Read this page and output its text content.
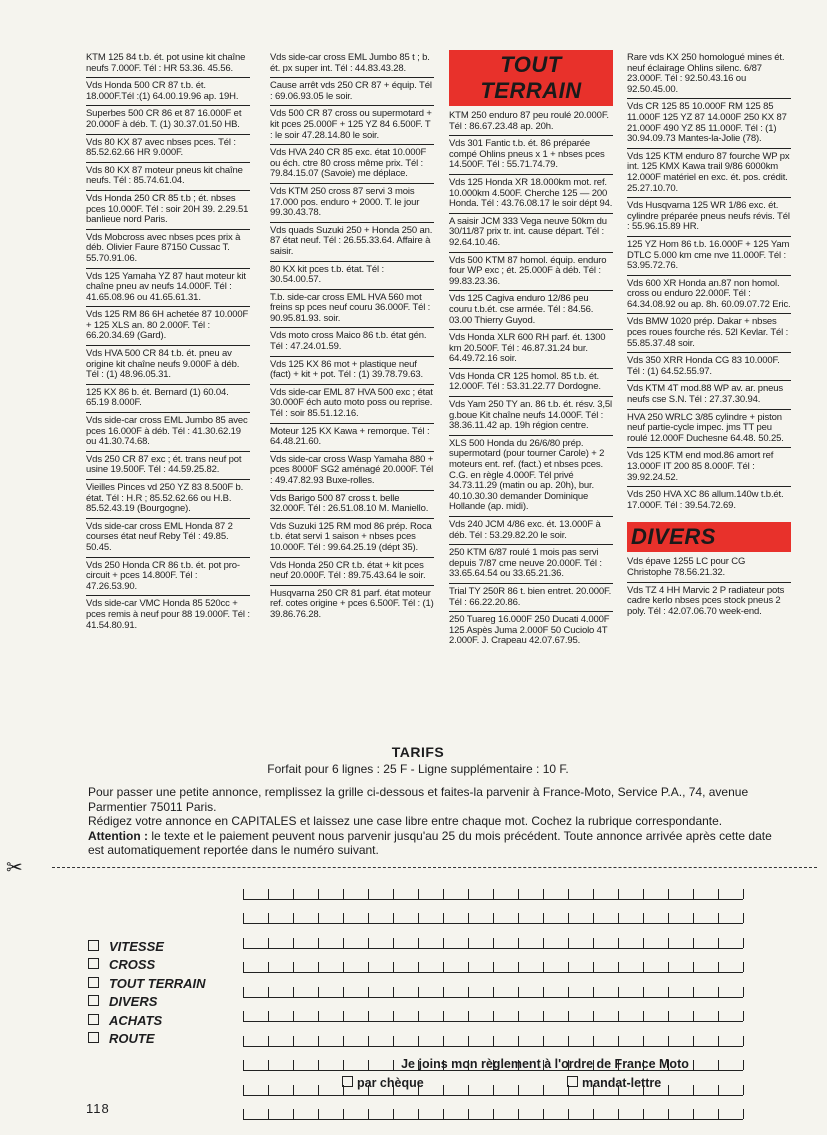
KTM 125 84 t.b. ét. pot usine kit chaîne neufs 7.000F. Tél : HR 53.36. 45.56.
Vds Honda 500 CR 87 t.b. ét. 18.000F.Tél :(1) 64.00.19.96 ap. 19H.
Superbes 500 CR 86 et 87 16.000F et 20.000F à déb. T. (1) 30.37.01.50 HB.
Vds 80 KX 87 avec nbses pces. Tél : 85.52.62.66 HR 9.000F.
Vds 80 KX 87 moteur pneus kit chaîne neufs. Tél : 85.74.61.04.
Vds Honda 250 CR 85 t.b ; ét. nbses pces 10.000F. Tél : soir 20H 39. 2.29.51 banlieue nord Paris.
Vds Mobcross avec nbses pces prix à déb. Olivier Faure 87150 Cussac T. 55.70.91.06.
Vds 125 Yamaha YZ 87 haut moteur kit chaîne pneu av neufs 14.000F. Tél : 41.65.08.96 ou 41.65.61.31.
Vds 125 RM 86 6H achetée 87 10.000F + 125 XLS an. 80 2.000F. Tél : 66.20.34.69 (Gard).
Vds HVA 500 CR 84 t.b. ét. pneu av origine kit chaîne neufs 9.000F à déb. Tél : (1) 48.96.05.31.
125 KX 86 b. ét. Bernard (1) 60.04. 65.19 8.000F.
Vds side-car cross EML Jumbo 85 avec pces 16.000F à déb. Tél : 41.30.62.19 ou 41.30.74.68.
Vds 250 CR 87 exc ; ét. trans neuf pot usine 19.500F. Tél : 44.59.25.82.
Vieilles Pinces vd 250 YZ 83 8.500F b. état. Tél : H.R ; 85.52.62.66 ou H.B. 85.52.43.19 (Bourgogne).
Vds side-car cross EML Honda 87 2 courses état neuf Reby Tél : 49.85. 50.45.
Vds 250 Honda CR 86 t.b. ét. pot pro-circuit + pces 14.800F. Tél : 47.26.53.90.
Vds side-car VMC Honda 85 520cc + pces remis à neuf pour 88 19.000F. Tél : 41.54.80.91.
Vds side-car cross EML Jumbo 85 t ; b. ét. px super int. Tél : 44.83.43.28.
Cause arrêt vds 250 CR 87 + équip. Tél : 69.06.93.05 le soir.
Vds 500 CR 87 cross ou supermotard + kit pces 25.000F + 125 YZ 84 6.500F. T : le soir 47.28.14.80 le soir.
Vds HVA 240 CR 85 exc. état 10.000F ou éch. ctre 80 cross même prix. Tél : 79.84.15.07 (Savoie) me déplace.
Vds KTM 250 cross 87 servi 3 mois 17.000 pos. enduro + 2000. T. le jour 99.30.43.78.
Vds quads Suzuki 250 + Honda 250 an. 87 état neuf. Tél : 26.55.33.64. Affaire à saisir.
80 KX kit pces t.b. état. Tél : 30.54.00.57.
T.b. side-car cross EML HVA 560 mot freins sp pces neuf couru 36.000F. Tél : 90.95.81.93. soir.
Vds moto cross Maico 86 t.b. état gén. Tél : 47.24.01.59.
Vds 125 KX 86 mot + plastique neuf (fact) + kit + pot. Tél : (1) 39.78.79.63.
Vds side-car EML 87 HVA 500 exc ; état 30.000F éch auto moto poss ou reprise. Tél : soir 85.51.12.16.
Moteur 125 KX Kawa + remorque. Tél : 64.48.21.60.
Vds side-car cross Wasp Yamaha 880 + pces 8000F SG2 aménagé 20.000F. Tél : 49.47.82.93 Buxe-rolles.
Vds Barigo 500 87 cross t. belle 32.000F. Tél : 26.51.08.10 M. Maniello.
Vds Suzuki 125 RM mod 86 prép. Roca t.b. état servi 1 saison + nbses pces 10.000F. Tél : 99.64.25.19 (dépt 35).
Vds Honda 250 CR t.b. état + kit pces neuf 20.000F. Tél : 89.75.43.64 le soir.
Husqvarna 250 CR 81 parf. état moteur ref. cotes origine + pces 6.500F. Tél : (1) 39.86.76.28.
TOUT TERRAIN
KTM 250 enduro 87 peu roulé 20.000F. Tél : 86.67.23.48 ap. 20h.
Vds 301 Fantic t.b. ét. 86 préparée compé Ohlins pneus x 1 + nbses pces 14.500F. Tél : 55.71.74.79.
Vds 125 Honda XR 18.000km mot. ref. 10.000km 4.500F. Cherche 125 — 200 Honda. Tél : 43.76.08.17 le soir dépt 94.
A saisir JCM 333 Vega neuve 50km du 30/11/87 prix tr. int. cause départ. Tél : 92.64.10.46.
Vds 500 KTM 87 homol. équip. enduro four WP exc ; ét. 25.000F à déb. Tél : 99.83.23.36.
Vds 125 Cagiva enduro 12/86 peu couru t.b.ét. cse armée. Tél : 84.56. 03.00 Thierry Guyod.
Vds Honda XLR 600 RH parf. ét. 1300 km 20.500F. Tél : 46.87.31.24 bur. 64.49.72.16 soir.
Vds Honda CR 125 homol. 85 t.b. ét. 12.000F. Tél : 53.31.22.77 Dordogne.
Vds Yam 250 TY an. 86 t.b. ét. résv. 3,5l g.boue Kit chaîne neufs 14.000F. Tél : 38.36.11.42 ap. 19h région centre.
XLS 500 Honda du 26/6/80 prép. supermotard (pour tourner Carole) + 2 moteurs ent. ref. (fact.) et nbses pces. C.G. en règle 4.000F. Tél privé 34.73.11.29 (matin ou ap. 20h), bur. 40.10.30.30 demander Dominique Hollande (ap. midi).
Vds 240 JCM 4/86 exc. ét. 13.000F à déb. Tél : 53.29.82.20 le soir.
250 KTM 6/87 roulé 1 mois pas servi depuis 7/87 cme neuve 20.000F. Tél : 33.65.64.54 ou 33.65.21.36.
Trial TY 250R 86 t. bien entret. 20.000F. Tél : 66.22.20.86.
250 Tuareg 16.000F 250 Ducati 4.000F 125 Aspès Juma 2.000F 50 Cuciolo 4T 2.000F. J. Crapeau 42.07.67.95.
Rare vds KX 250 homologué mines ét. neuf éclairage Ohlins silenc. 6/87 23.000F. Tél : 92.50.43.16 ou 92.50.45.00.
Vds CR 125 85 10.000F RM 125 85 11.000F 125 YZ 87 14.000F 250 KX 87 21.000F 490 YZ 85 11.000F. Tél : (1) 30.94.09.73 Mantes-la-Jolie (78).
Vds 125 KTM enduro 87 fourche WP px int. 125 KMX Kawa trail 9/86 6000km 12.000F matériel en exc. ét. pos. crédit. 25.27.10.70.
Vds Husqvarna 125 WR 1/86 exc. ét. cylindre préparée pneus neufs révis. Tél : 55.96.15.89 HR.
125 YZ Hom 86 t.b. 16.000F + 125 Yam DTLC 5.000 km cme nve 11.000F. Tél : 53.95.72.76.
Vds 600 XR Honda an.87 non homol. cross ou enduro 22.000F. Tél : 64.34.08.92 ou ap. 8h. 60.09.07.72 Eric.
Vds BMW 1020 prép. Dakar + nbses pces roues fourche rés. 52l Kevlar. Tél : 55.85.37.48 soir.
Vds 350 XRR Honda CG 83 10.000F. Tél : (1) 64.52.55.97.
Vds KTM 4T mod.88 WP av. ar. pneus neufs cse S.N. Tél : 27.37.30.94.
HVA 250 WRLC 3/85 cylindre + piston neuf partie-cycle impec. jms TT peu roulé 12.000F Duchesne 64.48. 50.25.
Vds 125 KTM end mod.86 amort ref 13.000F IT 200 85 8.000F. Tél : 39.92.24.52.
Vds 250 HVA XC 86 allum.140w t.b.ét. 17.000F. Tél : 39.54.72.69.
DIVERS
Vds épave 1255 LC pour CG Christophe 78.56.21.32.
Vds TZ 4 HH Marvic 2 P radiateur pots cadre kerlo nbses pces stock pneus 2 poly. Tél : 42.07.06.70 week-end.
TARIFS
Forfait pour 6 lignes : 25 F - Ligne supplémentaire : 10 F.
Pour passer une petite annonce, remplissez la grille ci-dessous et faites-la parvenir à France-Moto, Service P.A., 74, avenue Parmentier 75011 Paris.
Rédigez votre annonce en CAPITALES et laissez une case libre entre chaque mot. Cochez la rubrique correspondante.
Attention : le texte et le paiement peuvent nous parvenir jusqu'au 25 du mois précédent. Toute annonce arrivée après cette date est automatiquement reportée dans le numéro suivant.
✂
VITESSE
CROSS
TOUT TERRAIN
DIVERS
ACHATS
ROUTE
Je joins mon règlement à l'ordre de France Moto
par chèque	mandat-lettre
118
